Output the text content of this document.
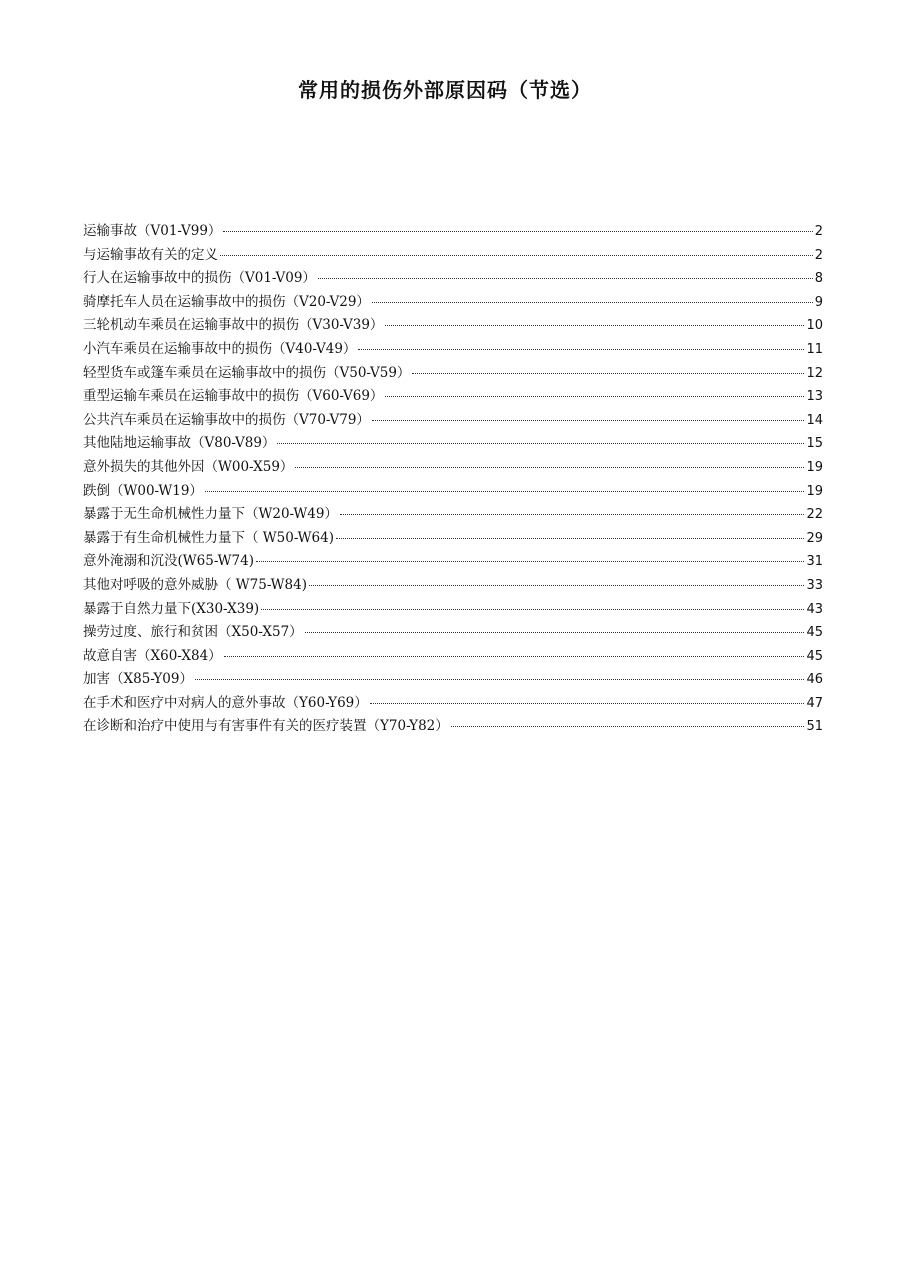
常用的损伤外部原因码（节选）
运输事故（V01-V99）	2
与运输事故有关的定义	2
行人在运输事故中的损伤（V01-V09）	8
骑摩托车人员在运输事故中的损伤（V20-V29）	9
三轮机动车乘员在运输事故中的损伤（V30-V39）	10
小汽车乘员在运输事故中的损伤（V40-V49）	11
轻型货车或篷车乘员在运输事故中的损伤（V50-V59）	12
重型运输车乘员在运输事故中的损伤（V60-V69）	13
公共汽车乘员在运输事故中的损伤（V70-V79）	14
其他陆地运输事故（V80-V89）	15
意外损失的其他外因（W00-X59）	19
跌倒（W00-W19）	19
暴露于无生命机械性力量下（W20-W49）	22
暴露于有生命机械性力量下（ W50-W64)	29
意外淹溺和沉没(W65-W74)	31
其他对呼吸的意外威胁（ W75-W84)	33
暴露于自然力量下(X30-X39)	43
操劳过度、旅行和贫困（X50-X57）	45
故意自害（X60-X84）	45
加害（X85-Y09）	46
在手术和医疗中对病人的意外事故（Y60-Y69）	47
在诊断和治疗中使用与有害事件有关的医疗装置（Y70-Y82）	51
